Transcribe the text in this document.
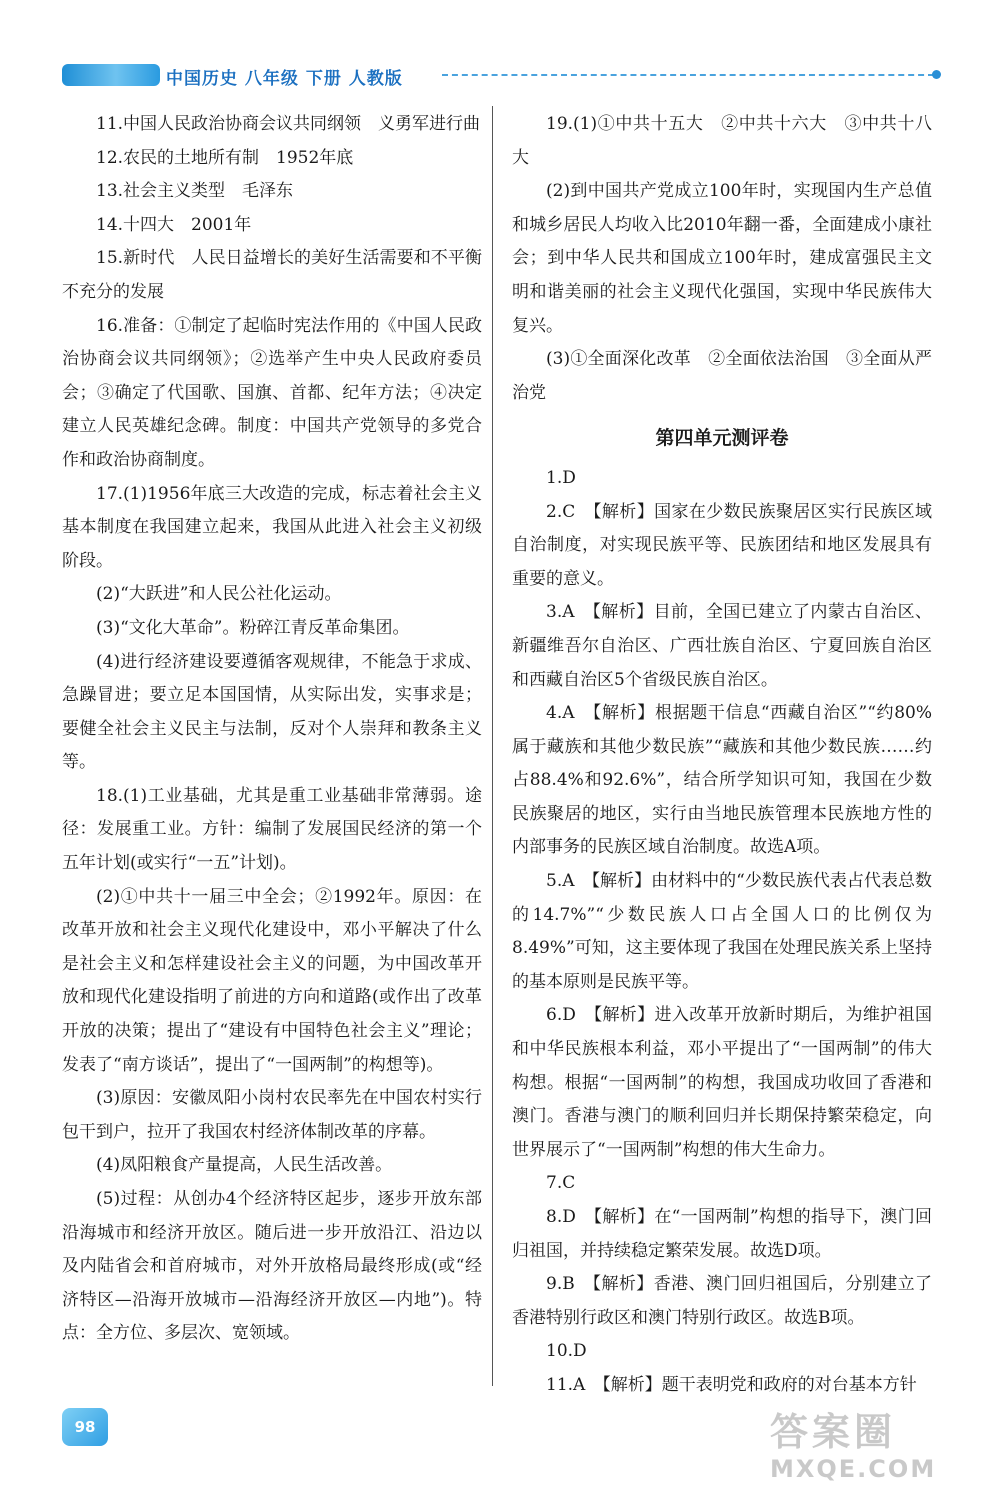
中国历史 八年级 下册 人教版

11.中国人民政治协商会议共同纲领　义勇军进行曲

12.农民的土地所有制　1952年底

13.社会主义类型　毛泽东

14.十四大　2001年

15.新时代　人民日益增长的美好生活需要和不平衡不充分的发展

16.准备：①制定了起临时宪法作用的《中国人民政治协商会议共同纲领》；②选举产生中央人民政府委员会；③确定了代国歌、国旗、首都、纪年方法；④决定建立人民英雄纪念碑。制度：中国共产党领导的多党合作和政治协商制度。

17.(1)1956年底三大改造的完成，标志着社会主义基本制度在我国建立起来，我国从此进入社会主义初级阶段。

(2)“大跃进”和人民公社化运动。

(3)“文化大革命”。粉碎江青反革命集团。

(4)进行经济建设要遵循客观规律，不能急于求成、急躁冒进；要立足本国国情，从实际出发，实事求是；要健全社会主义民主与法制，反对个人崇拜和教条主义等。

18.(1)工业基础，尤其是重工业基础非常薄弱。途径：发展重工业。方针：编制了发展国民经济的第一个五年计划(或实行“一五”计划)。

(2)①中共十一届三中全会；②1992年。原因：在改革开放和社会主义现代化建设中，邓小平解决了什么是社会主义和怎样建设社会主义的问题，为中国改革开放和现代化建设指明了前进的方向和道路(或作出了改革开放的决策；提出了“建设有中国特色社会主义”理论；发表了“南方谈话”，提出了“一国两制”的构想等)。

(3)原因：安徽凤阳小岗村农民率先在中国农村实行包干到户，拉开了我国农村经济体制改革的序幕。

(4)凤阳粮食产量提高，人民生活改善。

(5)过程：从创办4个经济特区起步，逐步开放东部沿海城市和经济开放区。随后进一步开放沿江、沿边以及内陆省会和首府城市，对外开放格局最终形成(或“经济特区—沿海开放城市—沿海经济开放区—内地”)。特点：全方位、多层次、宽领域。

19.(1)①中共十五大　②中共十六大　③中共十八大

(2)到中国共产党成立100年时，实现国内生产总值和城乡居民人均收入比2010年翻一番，全面建成小康社会；到中华人民共和国成立100年时，建成富强民主文明和谐美丽的社会主义现代化强国，实现中华民族伟大复兴。

(3)①全面深化改革　②全面依法治国　③全面从严治党

第四单元测评卷

1.D

2.C　【解析】国家在少数民族聚居区实行民族区域自治制度，对实现民族平等、民族团结和地区发展具有重要的意义。

3.A　【解析】目前，全国已建立了内蒙古自治区、新疆维吾尔自治区、广西壮族自治区、宁夏回族自治区和西藏自治区5个省级民族自治区。

4.A　【解析】根据题干信息“西藏自治区”“约80%属于藏族和其他少数民族”“藏族和其他少数民族……约占88.4%和92.6%”，结合所学知识可知，我国在少数民族聚居的地区，实行由当地民族管理本民族地方性的内部事务的民族区域自治制度。故选A项。

5.A　【解析】由材料中的“少数民族代表占代表总数的14.7%”“少数民族人口占全国人口的比例仅为8.49%”可知，这主要体现了我国在处理民族关系上坚持的基本原则是民族平等。

6.D　【解析】进入改革开放新时期后，为维护祖国和中华民族根本利益，邓小平提出了“一国两制”的伟大构想。根据“一国两制”的构想，我国成功收回了香港和澳门。香港与澳门的顺利回归并长期保持繁荣稳定，向世界展示了“一国两制”构想的伟大生命力。

7.C

8.D　【解析】在“一国两制”构想的指导下，澳门回归祖国，并持续稳定繁荣发展。故选D项。

9.B　【解析】香港、澳门回归祖国后，分别建立了香港特别行政区和澳门特别行政区。故选B项。

10.D

11.A　【解析】题干表明党和政府的对台基本方针

98	答案圈
MXQE.COM
